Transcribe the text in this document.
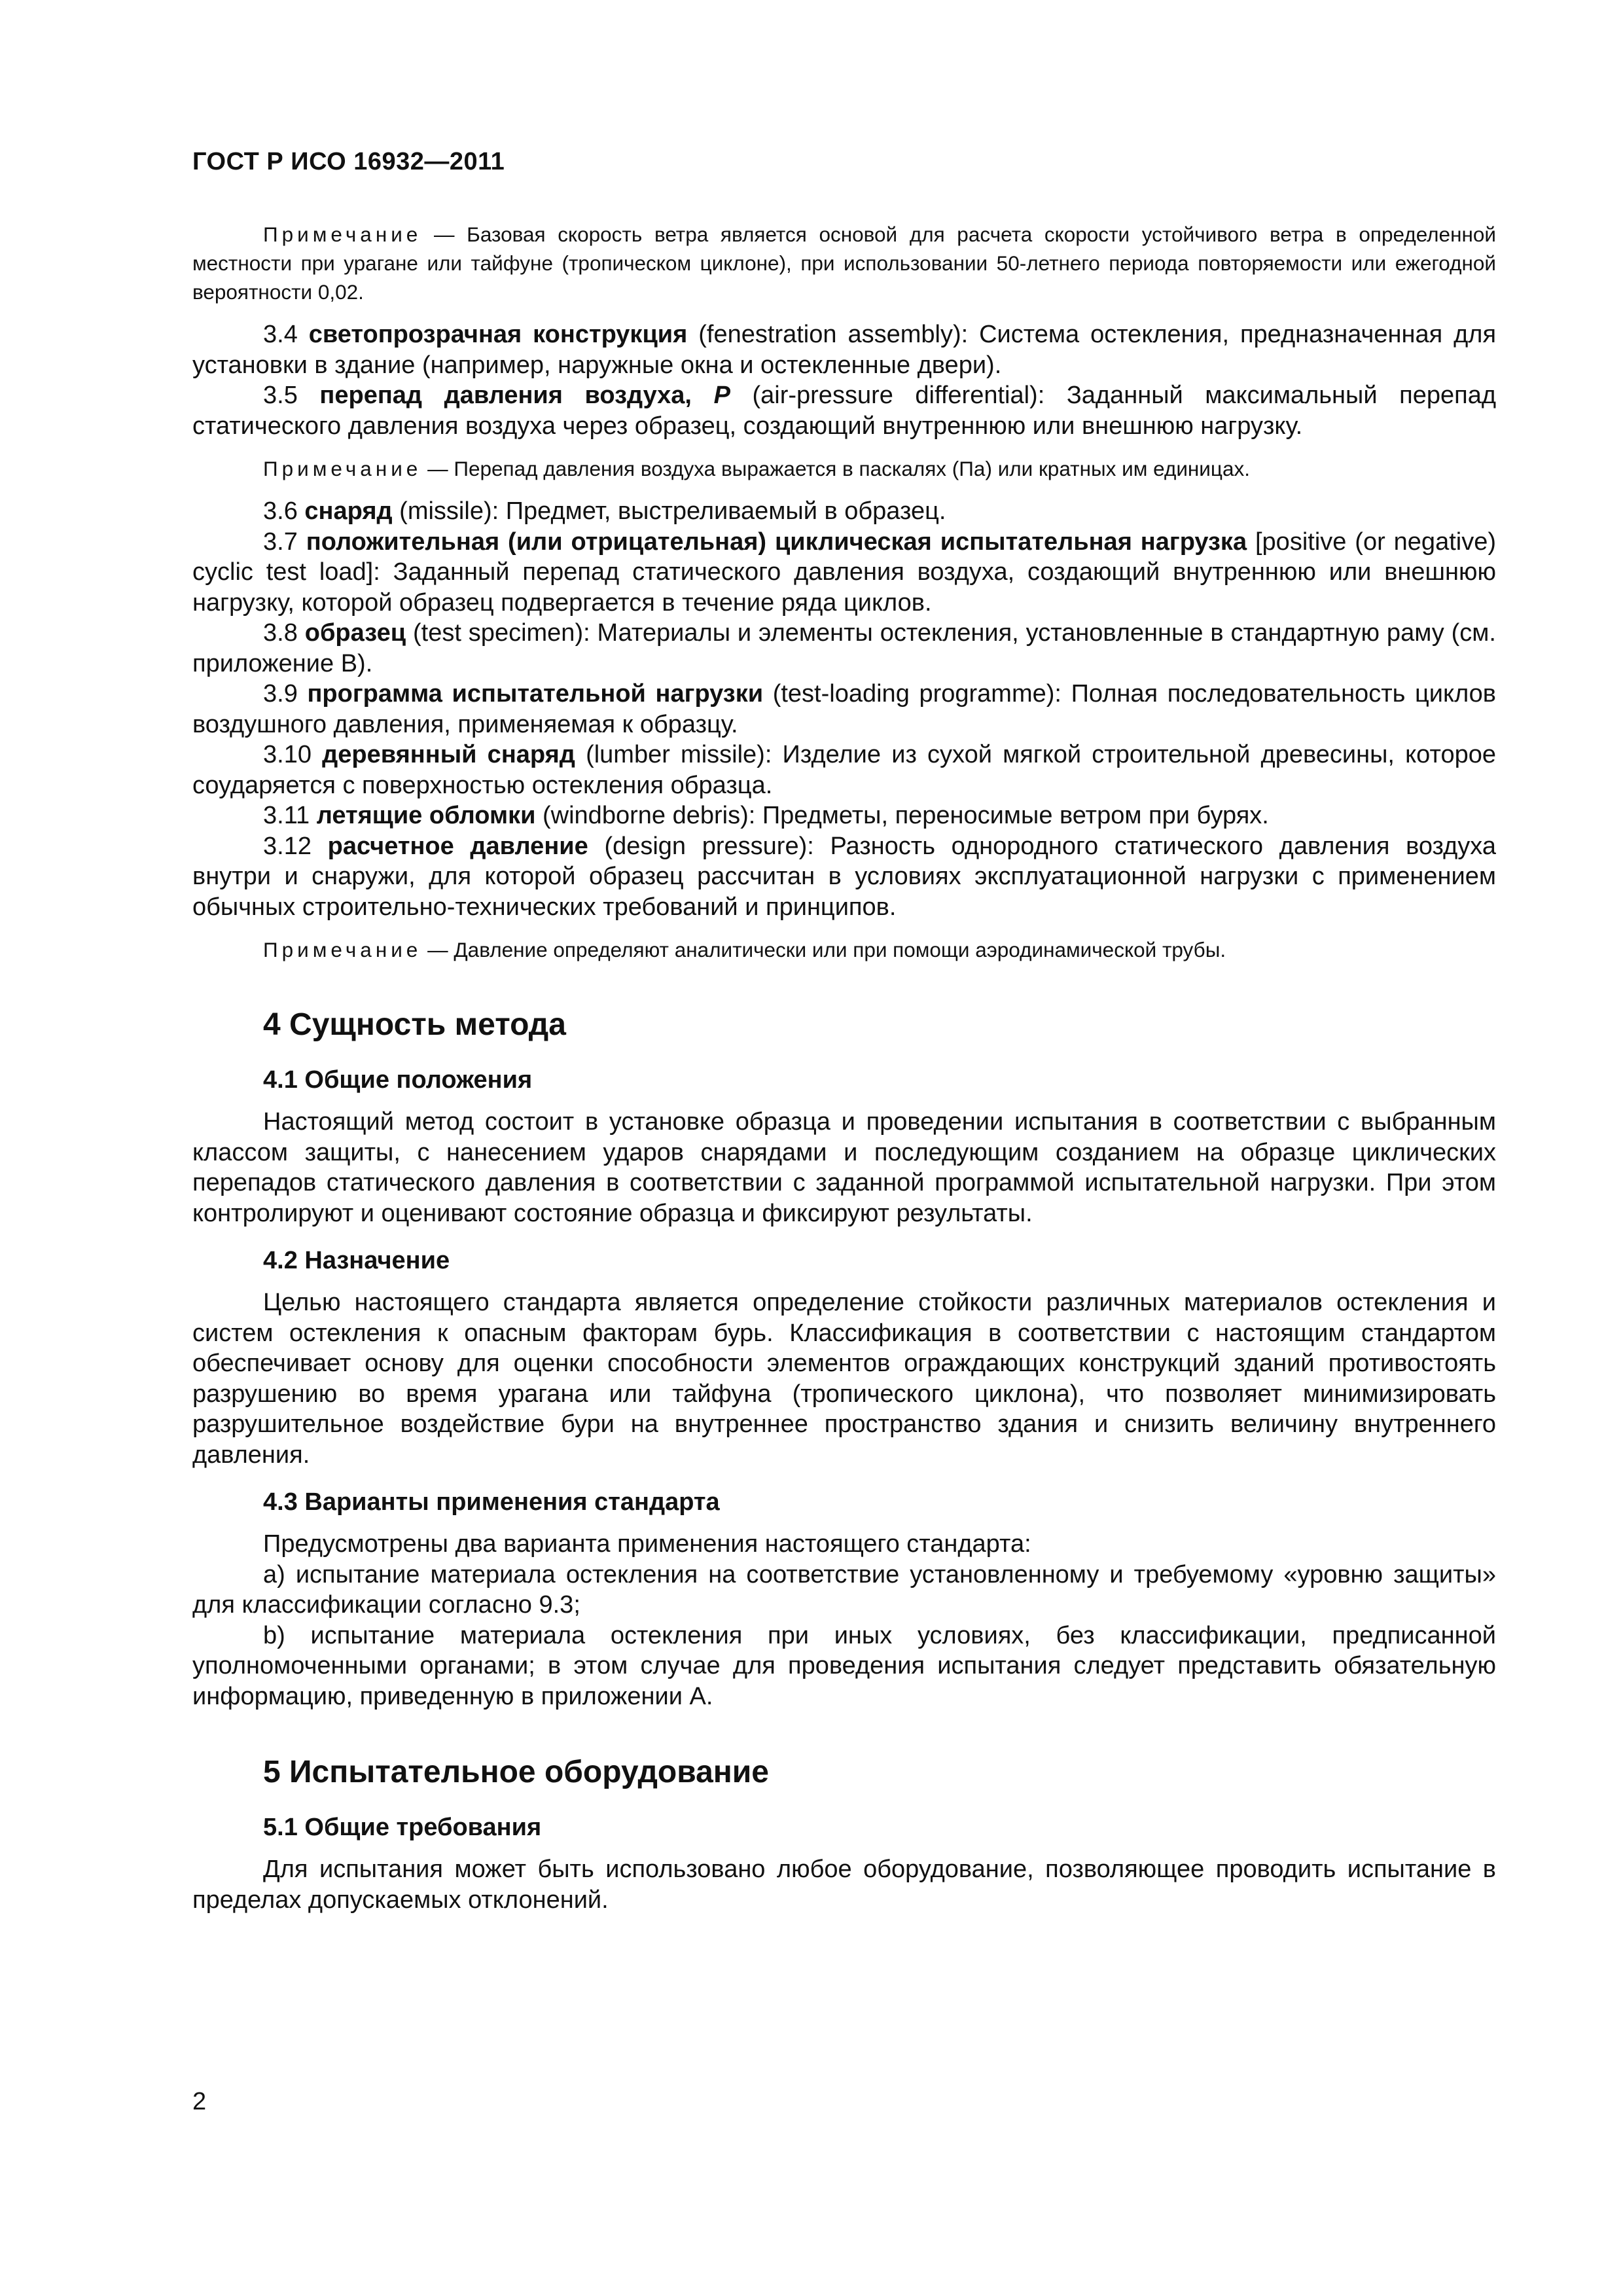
ГОСТ Р ИСО 16932—2011

Примечание — Базовая скорость ветра является основой для расчета скорости устойчивого ветра в определенной местности при урагане или тайфуне (тропическом циклоне), при использовании 50-летнего периода повторяемости или ежегодной вероятности 0,02.

3.4 светопрозрачная конструкция (fenestration assembly): Система остекления, предназначенная для установки в здание (например, наружные окна и остекленные двери).

3.5 перепад давления воздуха, P (air-pressure differential): Заданный максимальный перепад статического давления воздуха через образец, создающий внутреннюю или внешнюю нагрузку.

Примечание — Перепад давления воздуха выражается в паскалях (Па) или кратных им единицах.

3.6 снаряд (missile): Предмет, выстреливаемый в образец.

3.7 положительная (или отрицательная) циклическая испытательная нагрузка [positive (or negative) cyclic test load]: Заданный перепад статического давления воздуха, создающий внутреннюю или внешнюю нагрузку, которой образец подвергается в течение ряда циклов.

3.8 образец (test specimen): Материалы и элементы остекления, установленные в стандартную раму (см. приложение В).

3.9 программа испытательной нагрузки (test-loading programme): Полная последовательность циклов воздушного давления, применяемая к образцу.

3.10 деревянный снаряд (lumber missile): Изделие из сухой мягкой строительной древесины, которое соударяется с поверхностью остекления образца.

3.11 летящие обломки (windborne debris): Предметы, переносимые ветром при бурях.

3.12 расчетное давление (design pressure): Разность однородного статического давления воздуха внутри и снаружи, для которой образец рассчитан в условиях эксплуатационной нагрузки с применением обычных строительно-технических требований и принципов.

Примечание — Давление определяют аналитически или при помощи аэродинамической трубы.

4 Сущность метода
4.1 Общие положения

Настоящий метод состоит в установке образца и проведении испытания в соответствии с выбранным классом защиты, с нанесением ударов снарядами и последующим созданием на образце циклических перепадов статического давления в соответствии с заданной программой испытательной нагрузки. При этом контролируют и оценивают состояние образца и фиксируют результаты.

4.2 Назначение

Целью настоящего стандарта является определение стойкости различных материалов остекления и систем остекления к опасным факторам бурь. Классификация в соответствии с настоящим стандартом обеспечивает основу для оценки способности элементов ограждающих конструкций зданий противостоять разрушению во время урагана или тайфуна (тропического циклона), что позволяет минимизировать разрушительное воздействие бури на внутреннее пространство здания и снизить величину внутреннего давления.

4.3 Варианты применения стандарта

Предусмотрены два варианта применения настоящего стандарта:

a) испытание материала остекления на соответствие установленному и требуемому «уровню защиты» для классификации согласно 9.3;

b) испытание материала остекления при иных условиях, без классификации, предписанной уполномоченными органами; в этом случае для проведения испытания следует представить обязательную информацию, приведенную в приложении А.

5 Испытательное оборудование
5.1 Общие требования

Для испытания может быть использовано любое оборудование, позволяющее проводить испытание в пределах допускаемых отклонений.

2
